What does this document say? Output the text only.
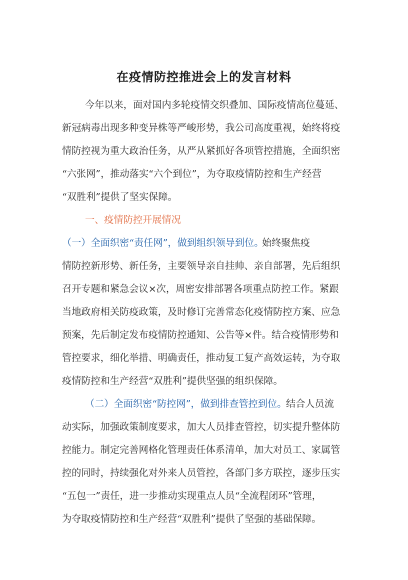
在疫情防控推进会上的发言材料
今年以来，面对国内多轮疫情交织叠加、国际疫情高位蔓延、
新冠病毒出现多种变异株等严峻形势，我公司高度重视，始终将疫
情防控视为重大政治任务，从严从紧抓好各项管控措施，全面织密
“六张网”，推动落实“六个到位”，为夺取疫情防控和生产经营
“双胜利”提供了坚实保障。
一、疫情防控开展情况
（一）全面织密“责任网”，做到组织领导到位。
始终聚焦疫
情防控新形势、新任务，主要领导亲自挂帅、亲自部署，先后组织
召开专题和紧急会议×次，周密安排部署各项重点防控工作。紧跟
当地政府相关防疫政策，及时修订完善常态化疫情防控方案、应急
预案，先后制定发布疫情防控通知、公告等×件。结合疫情形势和
管控要求，细化举措、明确责任，推动复工复产高效运转，为夺取
疫情防控和生产经营“双胜利”提供坚强的组织保障。
（二）全面织密“防控网”，做到排查管控到位。 结合人员流
动实际，加强政策制度要求，加大人员排查管控，切实提升整体防
控能力。制定完善网格化管理责任体系清单，加大对员工、家属管
控的同时，持续强化对外来人员管控，各部门多方联控，逐步压实
“五包一”责任，进一步推动实现重点人员“全流程闭环”管理，
为夺取疫情防控和生产经营“双胜利”提供了坚强的基础保障。
